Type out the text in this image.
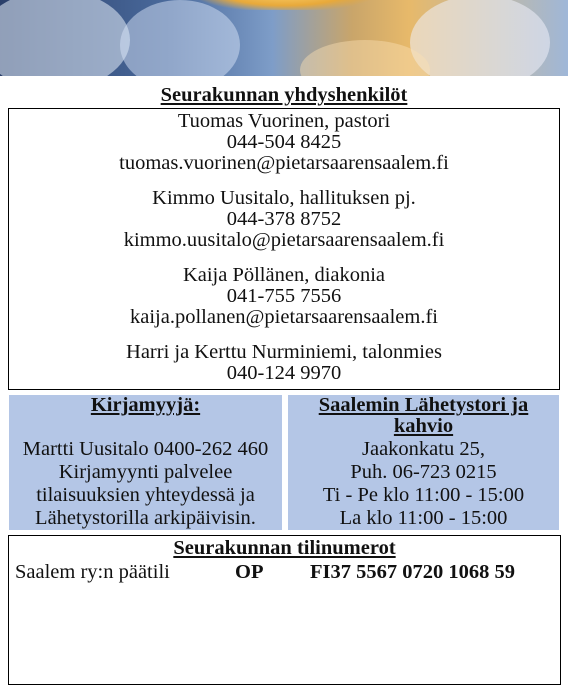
Seurakunnan yhdyshenkilöt
Tuomas Vuorinen, pastori
044-504 8425
tuomas.vuorinen@pietarsaarensaalem.fi
Kimmo Uusitalo, hallituksen pj.
044-378 8752
kimmo.uusitalo@pietarsaarensaalem.fi
Kaija Pöllänen, diakonia
041-755 7556
kaija.pollanen@pietarsaarensaalem.fi
Harri ja Kerttu Nurminiemi, talonmies
040-124 9970
Kirjamyyjä:
Martti Uusitalo 0400-262 460
Kirjamyynti palvelee
tilaisuuksien yhteydessä ja
Lähetystorilla arkipäivisin.
Saalemin Lähetystori ja
kahvio
Jaakonkatu 25,
Puh. 06-723 0215
Ti - Pe klo 11:00 - 15:00
La klo 11:00 - 15:00
Seurakunnan tilinumerot
Saalem ry:n päätili	OP FI37 5567 0720 1068 59
